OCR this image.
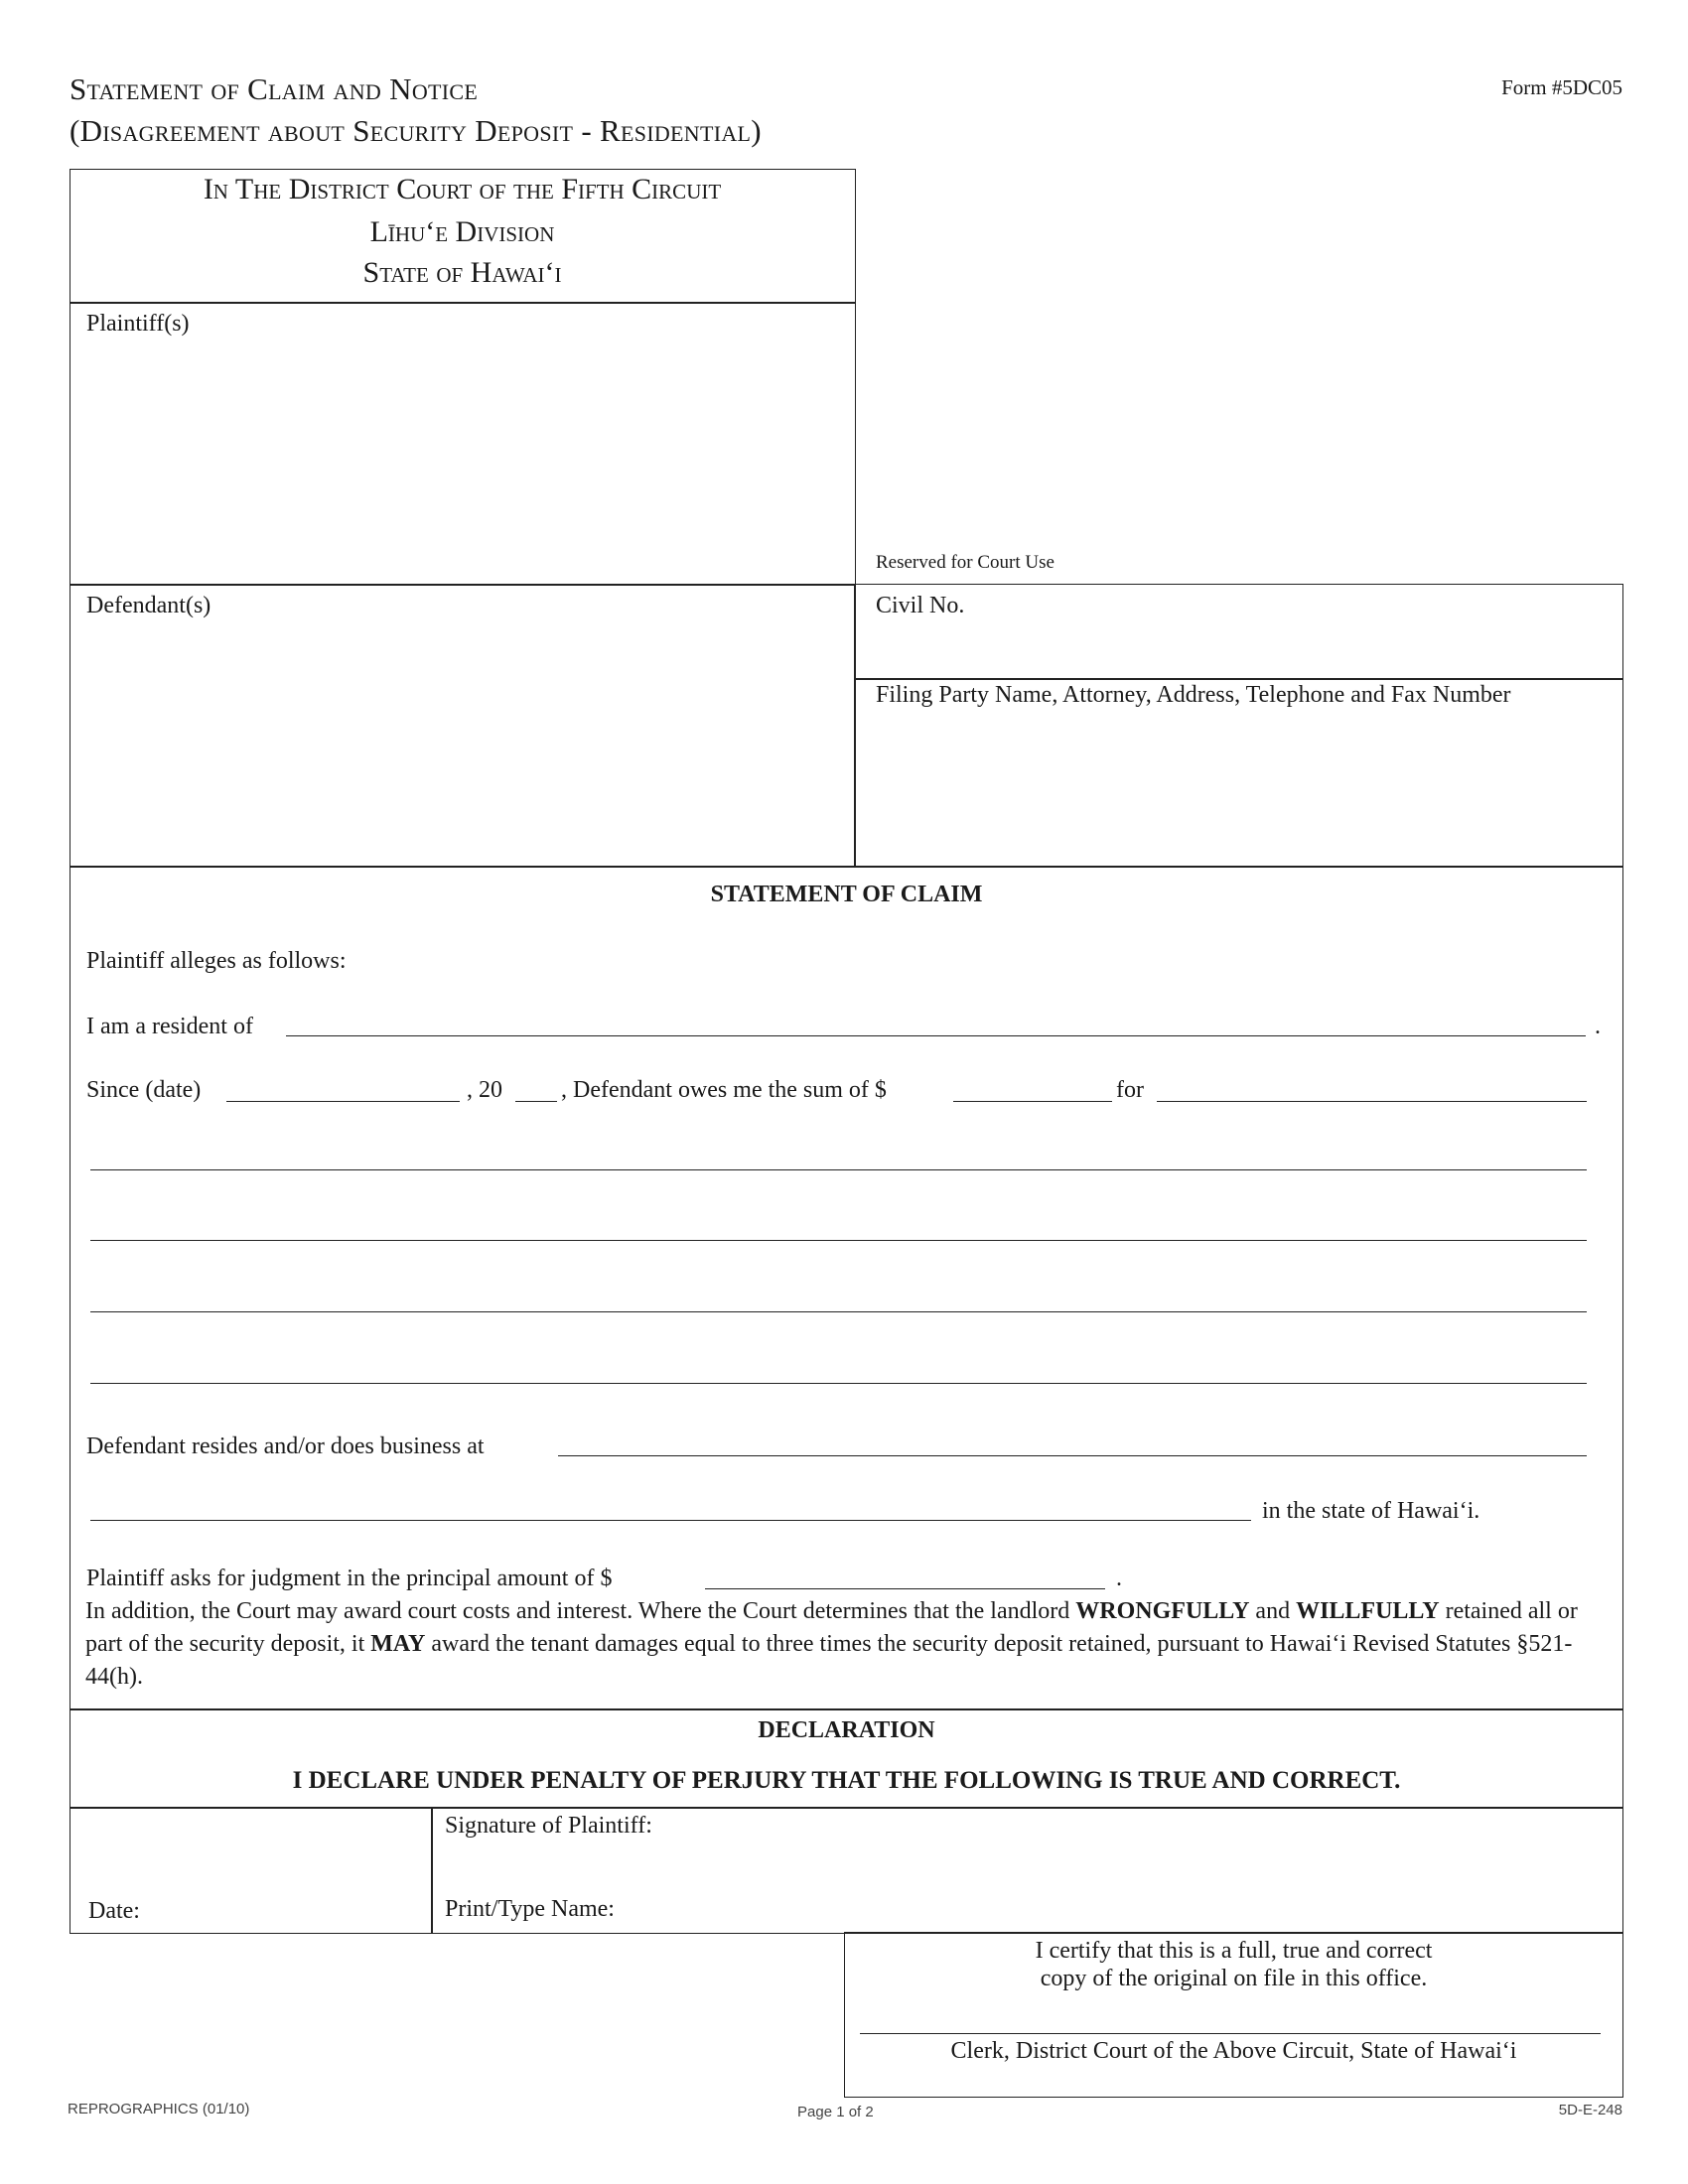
Statement of Claim and Notice
(Disagreement about Security Deposit - Residential)
Form #5DC05
In The District Court of the Fifth Circuit
Līhuʻe Division
State of Hawaiʻi
Plaintiff(s)
Reserved for Court Use
Defendant(s)	Civil No.
Filing Party Name, Attorney, Address, Telephone and Fax Number
STATEMENT OF CLAIM
Plaintiff alleges as follows:
I am a resident of	.
Since (date)	, 20 , Defendant owes me the sum of $	for
Defendant resides and/or does business at
in the state of Hawaiʻi.
Plaintiff asks for judgment in the principal amount of $	.
In addition, the Court may award court costs and interest. Where the Court determines that the landlord WRONGFULLY and WILLFULLY retained all or part of the security deposit, it MAY award the tenant damages equal to three times the security deposit retained, pursuant to Hawaiʻi Revised Statutes §521-44(h).
DECLARATION
I DECLARE UNDER PENALTY OF PERJURY THAT THE FOLLOWING IS TRUE AND CORRECT.
Date:
Signature of Plaintiff:
Print/Type Name:
I certify that this is a full, true and correct
copy of the original on file in this office.
Clerk, District Court of the Above Circuit, State of Hawaiʻi
REPROGRAPHICS (01/10)	Page 1 of 2	5D-E-248
